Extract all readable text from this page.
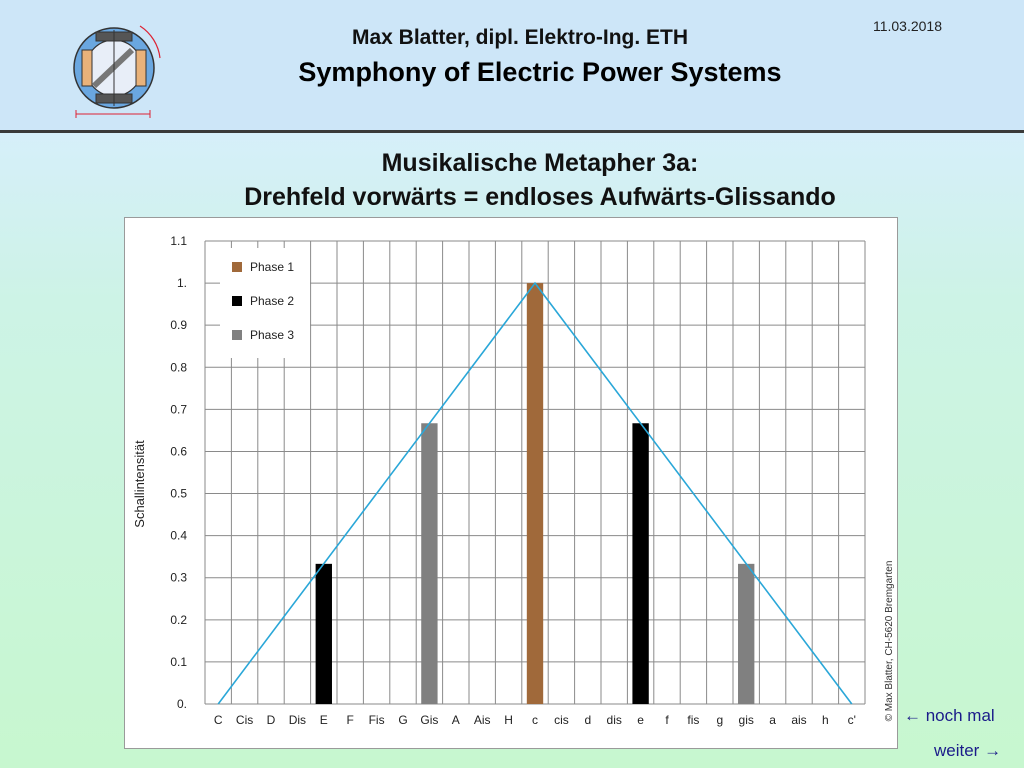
Max Blatter, dipl. Elektro-Ing. ETH
Symphony of Electric Power Systems
11.03.2018
Musikalische Metapher 3a:
Drehfeld vorwärts = endloses Aufwärts-Glissando
0.
0.1
0.2
0.3
0.4
0.5
0.6
0.7
0.8
0.9
1.
1.1
C Cis D Dis E F Fis G Gis A Ais H c cis d dis e f fis g gis a ais h c'
Phase 1
Phase 2
Phase 3
Schallintensität
© Max Blatter, CH-5620 Bremgarten ← noch mal
weiter →
